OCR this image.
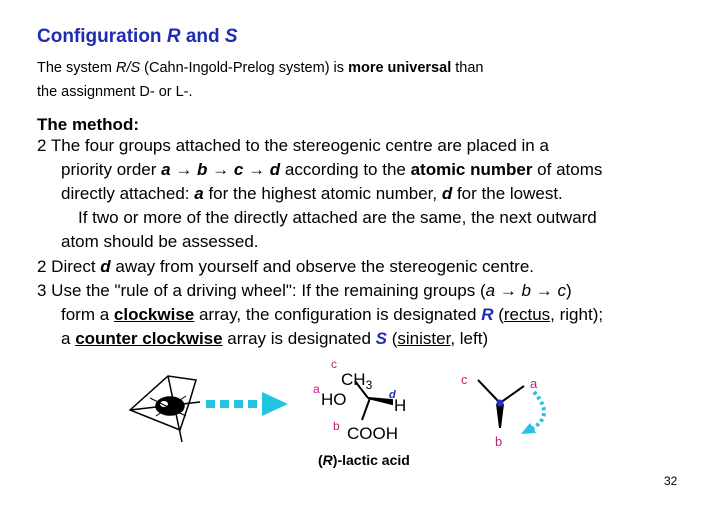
Configuration R and S
The system R/S (Cahn-Ingold-Prelog system) is more universal than
the assignment D- or L-.
The method:
2 The four groups attached to the stereogenic centre are placed in a
priority order a → b → c → d according to the atomic number of atoms
directly attached: a for the highest atomic number, d for the lowest.
If two or more of the directly attached are the same, the next outward
atom should be assessed.
2 Direct d away from yourself and observe the stereogenic centre.
3 Use the "rule of a driving wheel": If the remaining groups (a → b → c)
form a clockwise array, the configuration is designated R (rectus, right);
a counter clockwise array is designated S (sinister, left)
c
$CH_3$
a
HO	d
H
b COOH
c	a
b
(R)-lactic acid
32
